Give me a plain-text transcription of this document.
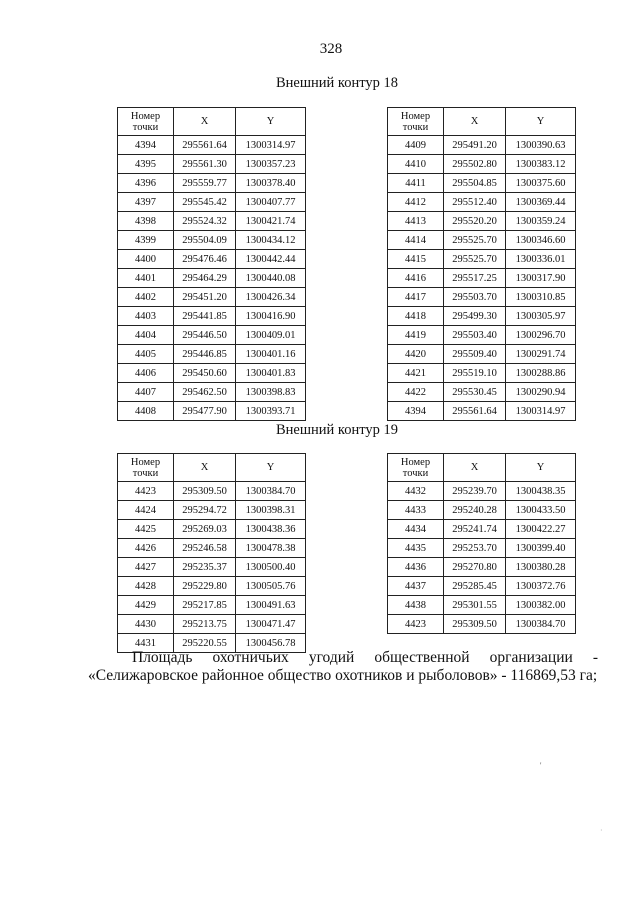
328
Внешний контур 18
Номер точки	X	Y
4394	295561.64	1300314.97
4395	295561.30	1300357.23
4396	295559.77	1300378.40
4397	295545.42	1300407.77
4398	295524.32	1300421.74
4399	295504.09	1300434.12
4400	295476.46	1300442.44
4401	295464.29	1300440.08
4402	295451.20	1300426.34
4403	295441.85	1300416.90
4404	295446.50	1300409.01
4405	295446.85	1300401.16
4406	295450.60	1300401.83
4407	295462.50	1300398.83
4408	295477.90	1300393.71
Номер точки	X	Y
4409	295491.20	1300390.63
4410	295502.80	1300383.12
4411	295504.85	1300375.60
4412	295512.40	1300369.44
4413	295520.20	1300359.24
4414	295525.70	1300346.60
4415	295525.70	1300336.01
4416	295517.25	1300317.90
4417	295503.70	1300310.85
4418	295499.30	1300305.97
4419	295503.40	1300296.70
4420	295509.40	1300291.74
4421	295519.10	1300288.86
4422	295530.45	1300290.94
4394	295561.64	1300314.97
Внешний контур 19
Номер точки	X	Y
4423	295309.50	1300384.70
4424	295294.72	1300398.31
4425	295269.03	1300438.36
4426	295246.58	1300478.38
4427	295235.37	1300500.40
4428	295229.80	1300505.76
4429	295217.85	1300491.63
4430	295213.75	1300471.47
4431	295220.55	1300456.78
Номер точки	X	Y
4432	295239.70	1300438.35
4433	295240.28	1300433.50
4434	295241.74	1300422.27
4435	295253.70	1300399.40
4436	295270.80	1300380.28
4437	295285.45	1300372.76
4438	295301.55	1300382.00
4423	295309.50	1300384.70
Площадь охотничьих угодий общественной организации -
«Селижаровское районное общество охотников и рыболовов» - 116869,53 га;
'
·
